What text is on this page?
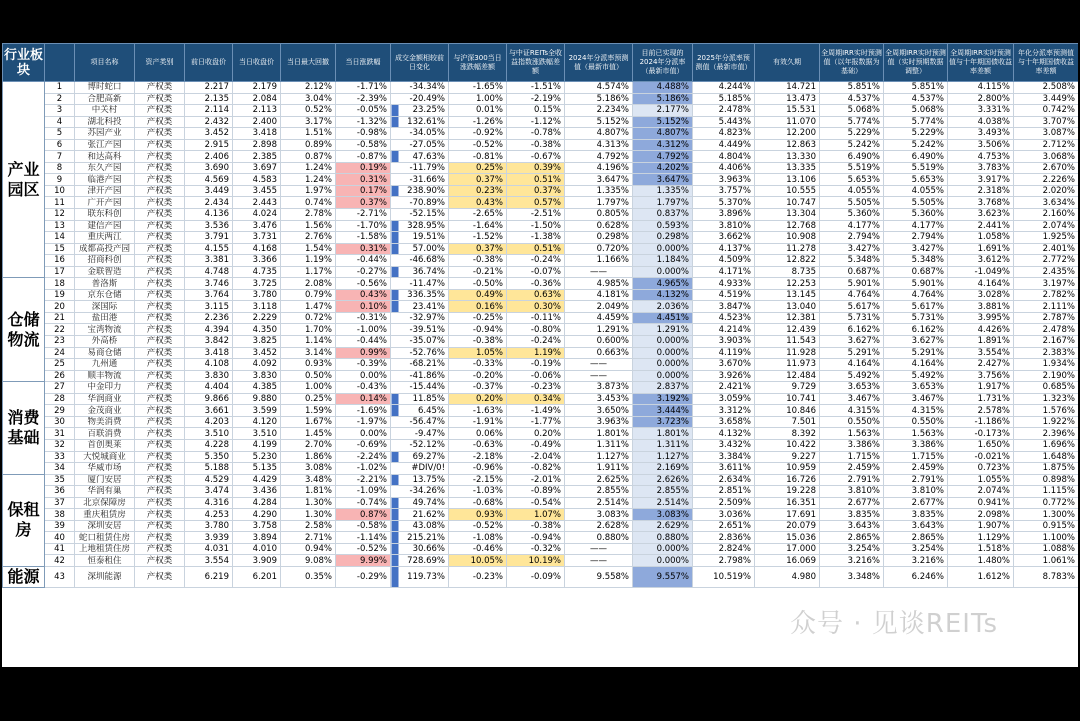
行业板块		项目名称	资产类别	前日收盘价	当日收盘价	当日最大回撤	当日涨跌幅	成交金额相较前日变化	与沪深300当日涨跌幅差额	与中证REITs全收益指数涨跌幅差额	2024年分派率预测值（最新市值）	目前已实现的2024年分派率（最新市值）	2025年分派率预测值（最新市值）	有效久期	全周期IRR实时预测值（以年报数据为基础）	全周期IRR实时预测值（实时预期数据调整）	全周期IRR实时预测值与十年期国债收益率差额	年化分派率预测值与十年期国债收益率差额
产业园区	1	博时蛇口	产权类	2.217	2.179	2.12%	-1.71%	-34.34%	-1.65%	-1.51%	4.574%	4.488%	4.244%	14.721	5.851%	5.851%	4.115%	2.508%
	2	合肥高新	产权类	2.135	2.084	3.04%	-2.39%	-20.49%	1.00%	-2.19%	5.186%	5.186%	5.185%	13.473	4.537%	4.537%	2.800%	3.449%
	3	中关村	产权类	2.114	2.113	0.52%	-0.05%	23.25%	0.01%	0.15%	2.234%	2.177%	2.478%	15.531	5.068%	5.068%	3.331%	0.742%
	4	湖北科投	产权类	2.432	2.400	3.17%	-1.32%	132.61%	-1.26%	-1.12%	5.152%	5.152%	5.443%	11.070	5.774%	5.774%	4.038%	3.707%
	5	苏园产业	产权类	3.452	3.418	1.51%	-0.98%	-34.05%	-0.92%	-0.78%	4.807%	4.807%	4.823%	12.200	5.229%	5.229%	3.493%	3.087%
	6	张江产园	产权类	2.915	2.898	0.89%	-0.58%	-27.05%	-0.52%	-0.38%	4.313%	4.312%	4.449%	12.863	5.242%	5.242%	3.506%	2.712%
	7	和达高科	产权类	2.406	2.385	0.87%	-0.87%	47.63%	-0.81%	-0.67%	4.792%	4.792%	4.804%	13.330	6.490%	6.490%	4.753%	3.068%
	8	东久产园	产权类	3.690	3.697	1.24%	0.19%	-11.79%	0.25%	0.39%	4.196%	4.202%	4.406%	13.335	5.519%	5.519%	3.783%	2.670%
	9	临港产园	产权类	4.569	4.583	1.24%	0.31%	-31.66%	0.37%	0.51%	3.647%	3.647%	3.963%	13.106	5.653%	5.653%	3.917%	2.226%
	10	津开产园	产权类	3.449	3.455	1.97%	0.17%	238.90%	0.23%	0.37%	1.335%	1.335%	3.757%	10.555	4.055%	4.055%	2.318%	2.020%
	11	广开产园	产权类	2.434	2.443	0.74%	0.37%	-70.89%	0.43%	0.57%	1.797%	1.797%	5.370%	10.747	5.505%	5.505%	3.768%	3.634%
	12	联东科创	产权类	4.136	4.024	2.78%	-2.71%	-52.15%	-2.65%	-2.51%	0.805%	0.837%	3.896%	13.304	5.360%	5.360%	3.623%	2.160%
	13	建信产园	产权类	3.536	3.476	1.56%	-1.70%	328.95%	-1.64%	-1.50%	0.628%	0.593%	3.810%	12.768	4.177%	4.177%	2.441%	2.074%
	14	重庆两江	产权类	3.791	3.731	2.76%	-1.58%	19.51%	-1.52%	-1.38%	0.298%	0.298%	3.662%	10.908	2.794%	2.794%	1.058%	1.925%
	15	成都高投产园	产权类	4.155	4.168	1.54%	0.31%	57.00%	0.37%	0.51%	0.720%	0.000%	4.137%	11.278	3.427%	3.427%	1.691%	2.401%
	16	招商科创	产权类	3.381	3.366	1.19%	-0.44%	-46.68%	-0.38%	-0.24%	1.166%	1.184%	4.509%	12.822	5.348%	5.348%	3.612%	2.772%
	17	金联智造	产权类	4.748	4.735	1.17%	-0.27%	36.74%	-0.21%	-0.07%	——	0.000%	4.171%	8.735	0.687%	0.687%	-1.049%	2.435%
仓储物流	18	普洛斯	产权类	3.746	3.725	2.08%	-0.56%	-11.47%	-0.50%	-0.36%	4.985%	4.965%	4.933%	12.253	5.901%	5.901%	4.164%	3.197%
	19	京东仓储	产权类	3.764	3.780	0.79%	0.43%	336.35%	0.49%	0.63%	4.181%	4.132%	4.519%	13.145	4.764%	4.764%	3.028%	2.782%
	20	深国际	产权类	3.115	3.118	1.47%	0.10%	23.41%	0.16%	0.30%	2.049%	2.036%	3.847%	13.040	5.617%	5.617%	3.881%	2.111%
	21	盐田港	产权类	2.236	2.229	0.72%	-0.31%	-32.97%	-0.25%	-0.11%	4.459%	4.451%	4.523%	12.381	5.731%	5.731%	3.995%	2.787%
	22	宝湾物流	产权类	4.394	4.350	1.70%	-1.00%	-39.51%	-0.94%	-0.80%	1.291%	1.291%	4.214%	12.439	6.162%	6.162%	4.426%	2.478%
	23	外高桥	产权类	3.842	3.825	1.14%	-0.44%	-35.07%	-0.38%	-0.24%	0.600%	0.000%	3.903%	11.543	3.627%	3.627%	1.891%	2.167%
	24	易商仓储	产权类	3.418	3.452	3.14%	0.99%	-52.76%	1.05%	1.19%	0.663%	0.000%	4.119%	11.928	5.291%	5.291%	3.554%	2.383%
	25	九州通	产权类	4.108	4.092	0.93%	-0.39%	-68.21%	-0.33%	-0.19%	——	0.000%	3.670%	11.973	4.164%	4.164%	2.427%	1.934%
	26	顺丰物流	产权类	3.830	3.830	0.50%	0.00%	-41.86%	-0.20%	-0.06%	——	0.000%	3.926%	12.484	5.492%	5.492%	3.756%	2.190%
消费基础	27	中金印力	产权类	4.404	4.385	1.00%	-0.43%	-15.44%	-0.37%	-0.23%	3.873%	2.837%	2.421%	9.729	3.653%	3.653%	1.917%	0.685%
	28	华润商业	产权类	9.866	9.880	0.25%	0.14%	11.85%	0.20%	0.34%	3.453%	3.192%	3.059%	10.741	3.467%	3.467%	1.731%	1.323%
	29	金茂商业	产权类	3.661	3.599	1.59%	-1.69%	6.45%	-1.63%	-1.49%	3.650%	3.444%	3.312%	10.846	4.315%	4.315%	2.578%	1.576%
	30	物美消费	产权类	4.203	4.120	1.67%	-1.97%	-56.47%	-1.91%	-1.77%	3.963%	3.723%	3.658%	7.501	0.550%	0.550%	-1.186%	1.922%
	31	百联消费	产权类	3.510	3.510	1.45%	0.00%	-9.47%	0.06%	0.20%	1.801%	1.801%	4.132%	8.392	1.563%	1.563%	-0.173%	2.396%
	32	首创奥莱	产权类	4.228	4.199	2.70%	-0.69%	-52.12%	-0.63%	-0.49%	1.311%	1.311%	3.432%	10.422	3.386%	3.386%	1.650%	1.696%
	33	大悦城商业	产权类	5.350	5.230	1.86%	-2.24%	69.27%	-2.18%	-2.04%	1.127%	1.127%	3.384%	9.227	1.715%	1.715%	-0.021%	1.648%
	34	华威市场	产权类	5.188	5.135	3.08%	-1.02%	#DIV/0!	-0.96%	-0.82%	1.911%	2.169%	3.611%	10.959	2.459%	2.459%	0.723%	1.875%
保租房	35	厦门安居	产权类	4.529	4.429	3.48%	-2.21%	13.75%	-2.15%	-2.01%	2.625%	2.626%	2.634%	16.726	2.791%	2.791%	1.055%	0.898%
	36	华润有巢	产权类	3.474	3.436	1.81%	-1.09%	-34.26%	-1.03%	-0.89%	2.855%	2.855%	2.851%	19.228	3.810%	3.810%	2.074%	1.115%
	37	北京保障房	产权类	4.316	4.284	1.30%	-0.74%	49.74%	-0.68%	-0.54%	2.514%	2.514%	2.509%	16.351	2.677%	2.677%	0.941%	0.772%
	38	重庆租赁房	产权类	4.253	4.290	1.30%	0.87%	21.62%	0.93%	1.07%	3.083%	3.083%	3.036%	17.691	3.835%	3.835%	2.098%	1.300%
	39	深圳安居	产权类	3.780	3.758	2.58%	-0.58%	43.08%	-0.52%	-0.38%	2.628%	2.629%	2.651%	20.079	3.643%	3.643%	1.907%	0.915%
	40	蛇口租赁住房	产权类	3.939	3.894	2.71%	-1.14%	215.21%	-1.08%	-0.94%	0.880%	0.880%	2.836%	15.036	2.865%	2.865%	1.129%	1.100%
	41	上地租赁住房	产权类	4.031	4.010	0.94%	-0.52%	30.66%	-0.46%	-0.32%	——	0.000%	2.824%	17.000	3.254%	3.254%	1.518%	1.088%
	42	恒泰租住	产权类	3.554	3.909	9.08%	9.99%	728.69%	10.05%	10.19%	——	0.000%	2.798%	16.069	3.216%	3.216%	1.480%	1.061%
能源	43	深圳能源	产权类	6.219	6.201	0.35%	-0.29%	119.73%	-0.23%	-0.09%	9.558%	9.557%	10.519%	4.980	3.348%	6.246%	1.612%	8.783%
众号 · 见谈REITs
